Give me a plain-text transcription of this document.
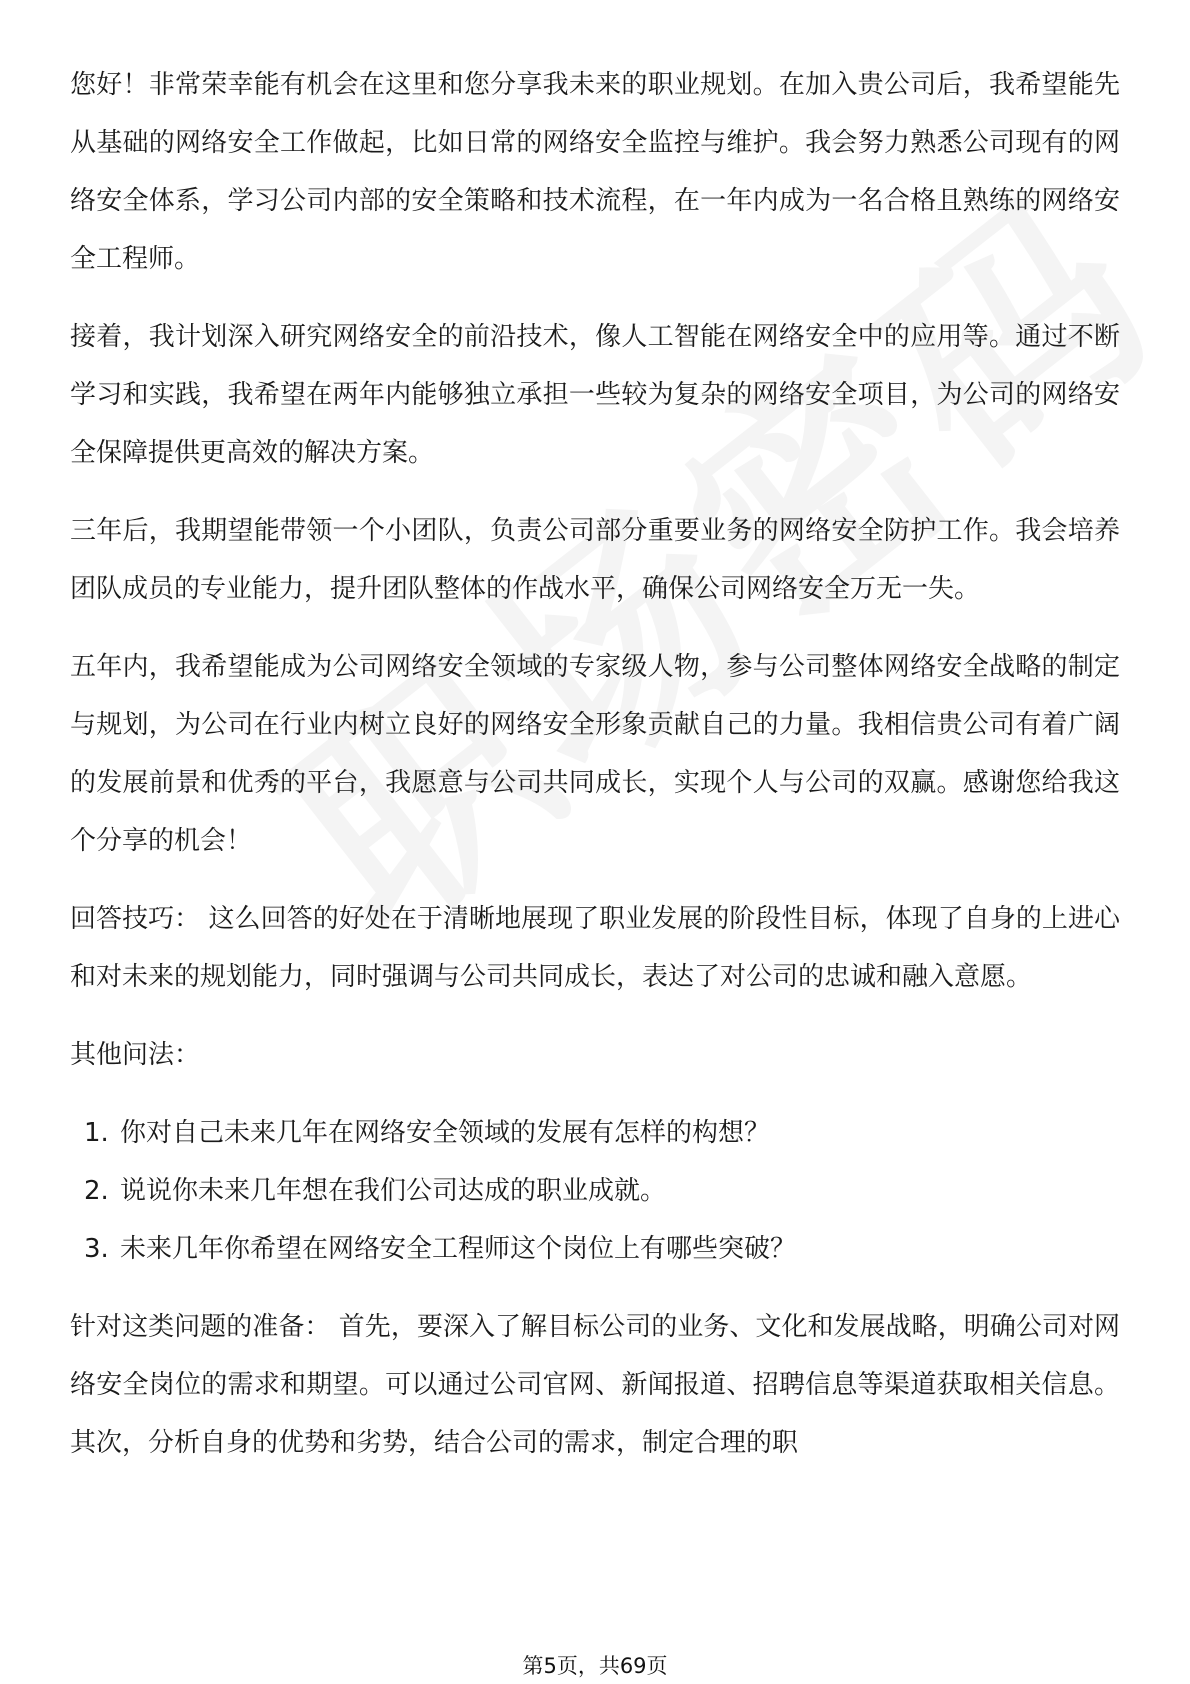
您好！非常荣幸能有机会在这里和您分享我未来的职业规划。在加入贵公司后，我希望能先从基础的网络安全工作做起，比如日常的网络安全监控与维护。我会努力熟悉公司现有的网络安全体系，学习公司内部的安全策略和技术流程，在一年内成为一名合格且熟练的网络安全工程师。

接着，我计划深入研究网络安全的前沿技术，像人工智能在网络安全中的应用等。通过不断学习和实践，我希望在两年内能够独立承担一些较为复杂的网络安全项目，为公司的网络安全保障提供更高效的解决方案。

三年后，我期望能带领一个小团队，负责公司部分重要业务的网络安全防护工作。我会培养团队成员的专业能力，提升团队整体的作战水平，确保公司网络安全万无一失。

五年内，我希望能成为公司网络安全领域的专家级人物，参与公司整体网络安全战略的制定与规划，为公司在行业内树立良好的网络安全形象贡献自己的力量。我相信贵公司有着广阔的发展前景和优秀的平台，我愿意与公司共同成长，实现个人与公司的双赢。感谢您给我这个分享的机会！

回答技巧： 这么回答的好处在于清晰地展现了职业发展的阶段性目标，体现了自身的上进心和对未来的规划能力，同时强调与公司共同成长，表达了对公司的忠诚和融入意愿。

其他问法：

1. 你对自己未来几年在网络安全领域的发展有怎样的构想？
2. 说说你未来几年想在我们公司达成的职业成就。
3. 未来几年你希望在网络安全工程师这个岗位上有哪些突破？

针对这类问题的准备： 首先，要深入了解目标公司的业务、文化和发展战略，明确公司对网络安全岗位的需求和期望。可以通过公司官网、新闻报道、招聘信息等渠道获取相关信息。 其次，分析自身的优势和劣势，结合公司的需求，制定合理的职

第5页，共69页
